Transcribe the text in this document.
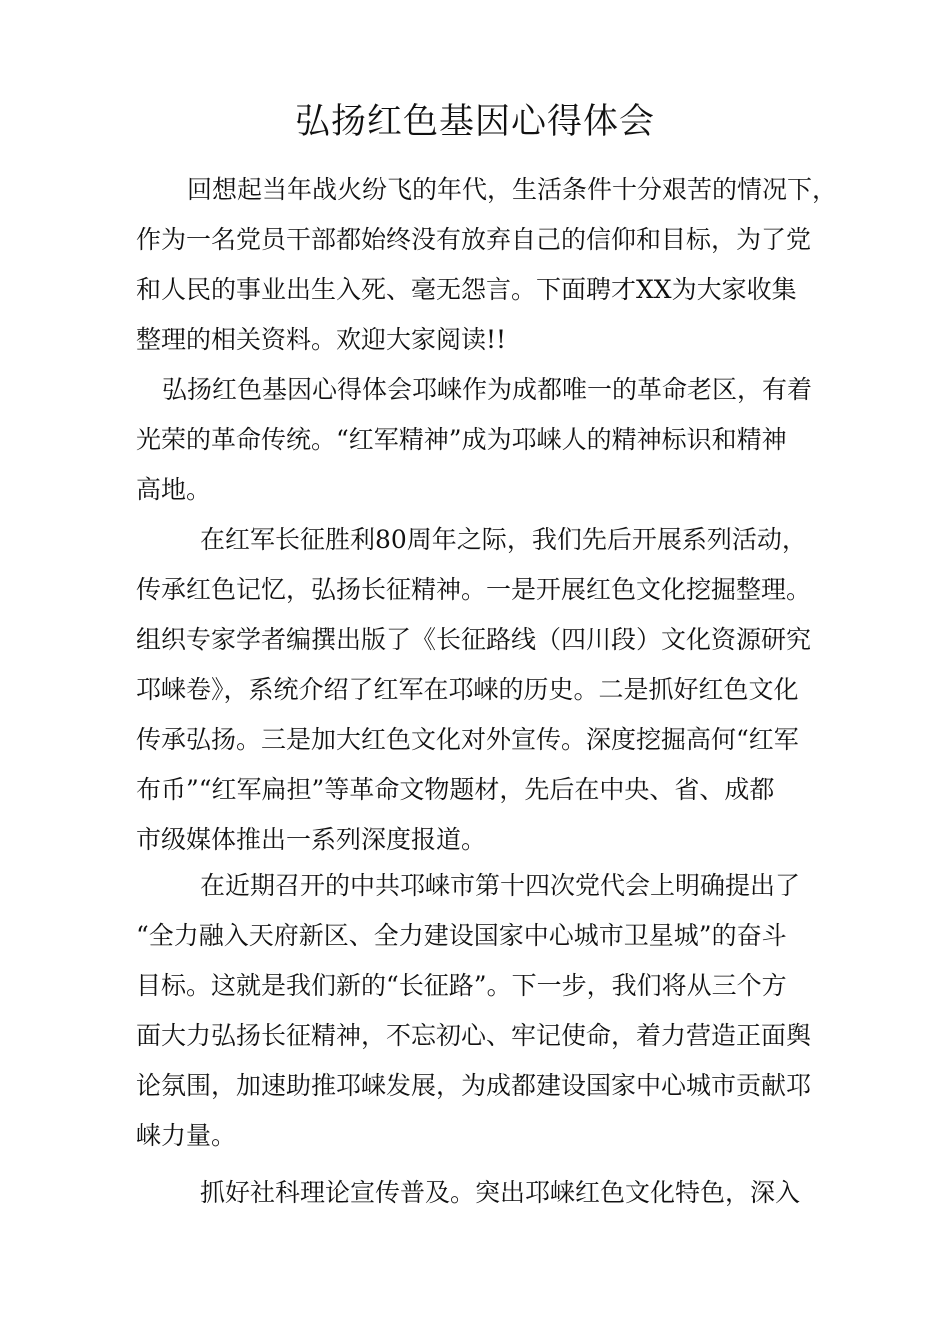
弘扬红色基因心得体会

回想起当年战火纷飞的年代，生活条件十分艰苦的情况下，

作为一名党员干部都始终没有放弃自己的信仰和目标，为了党

和人民的事业出生入死、毫无怨言。下面聘才XX为大家收集

整理的相关资料。欢迎大家阅读!!

弘扬红色基因心得体会邛崃作为成都唯一的革命老区，有着

光荣的革命传统。“红军精神”成为邛崃人的精神标识和精神

高地。

在红军长征胜利80周年之际，我们先后开展系列活动，

传承红色记忆，弘扬长征精神。一是开展红色文化挖掘整理。

组织专家学者编撰出版了《长征路线（四川段）文化资源研究

邛崃卷》，系统介绍了红军在邛崃的历史。二是抓好红色文化

传承弘扬。三是加大红色文化对外宣传。深度挖掘高何“红军

布币”“红军扁担”等革命文物题材，先后在中央、省、成都

市级媒体推出一系列深度报道。

在近期召开的中共邛崃市第十四次党代会上明确提出了

“全力融入天府新区、全力建设国家中心城市卫星城”的奋斗

目标。这就是我们新的“长征路”。下一步，我们将从三个方

面大力弘扬长征精神，不忘初心、牢记使命，着力营造正面舆

论氛围，加速助推邛崃发展，为成都建设国家中心城市贡献邛

崃力量。

抓好社科理论宣传普及。突出邛崃红色文化特色，深入
